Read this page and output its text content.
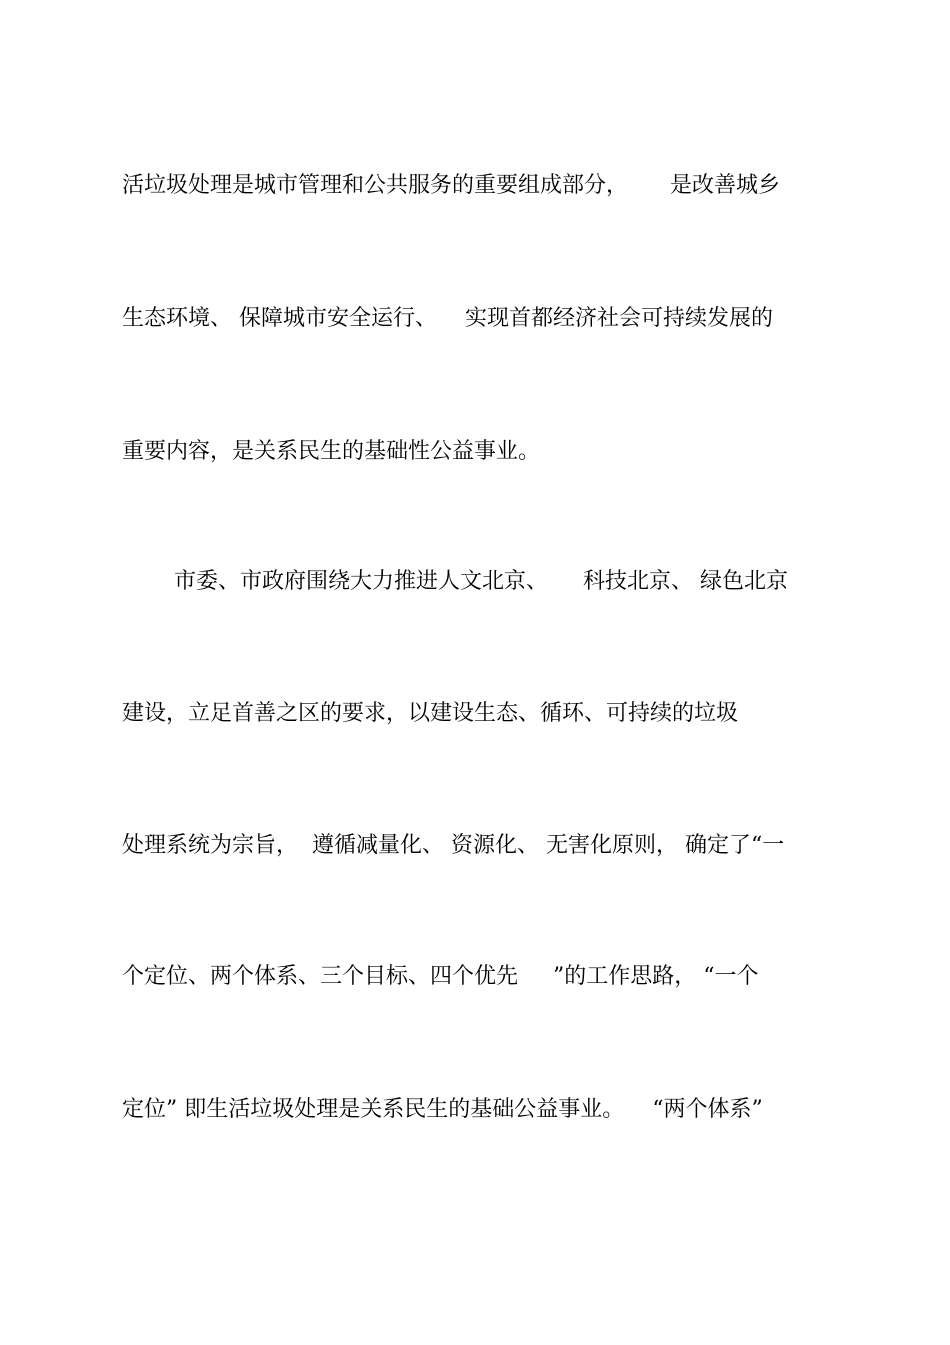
活垃圾处理是城市管理和公共服务的重要组成部分，      是改善城乡
生态环境、 保障城市安全运行、    实现首都经济社会可持续发展的
重要内容，是关系民生的基础性公益事业。
市委、市政府围绕大力推进人文北京、     科技北京、 绿色北京
建设，立足首善之区的要求，以建设生态、循环、可持续的垃圾
处理系统为宗旨，  遵循减量化、 资源化、 无害化原则， 确定了“一
个定位、两个体系、三个目标、四个优先     ”的工作思路， “一个
定位” 即生活垃圾处理是关系民生的基础公益事业。    “两个体系”
